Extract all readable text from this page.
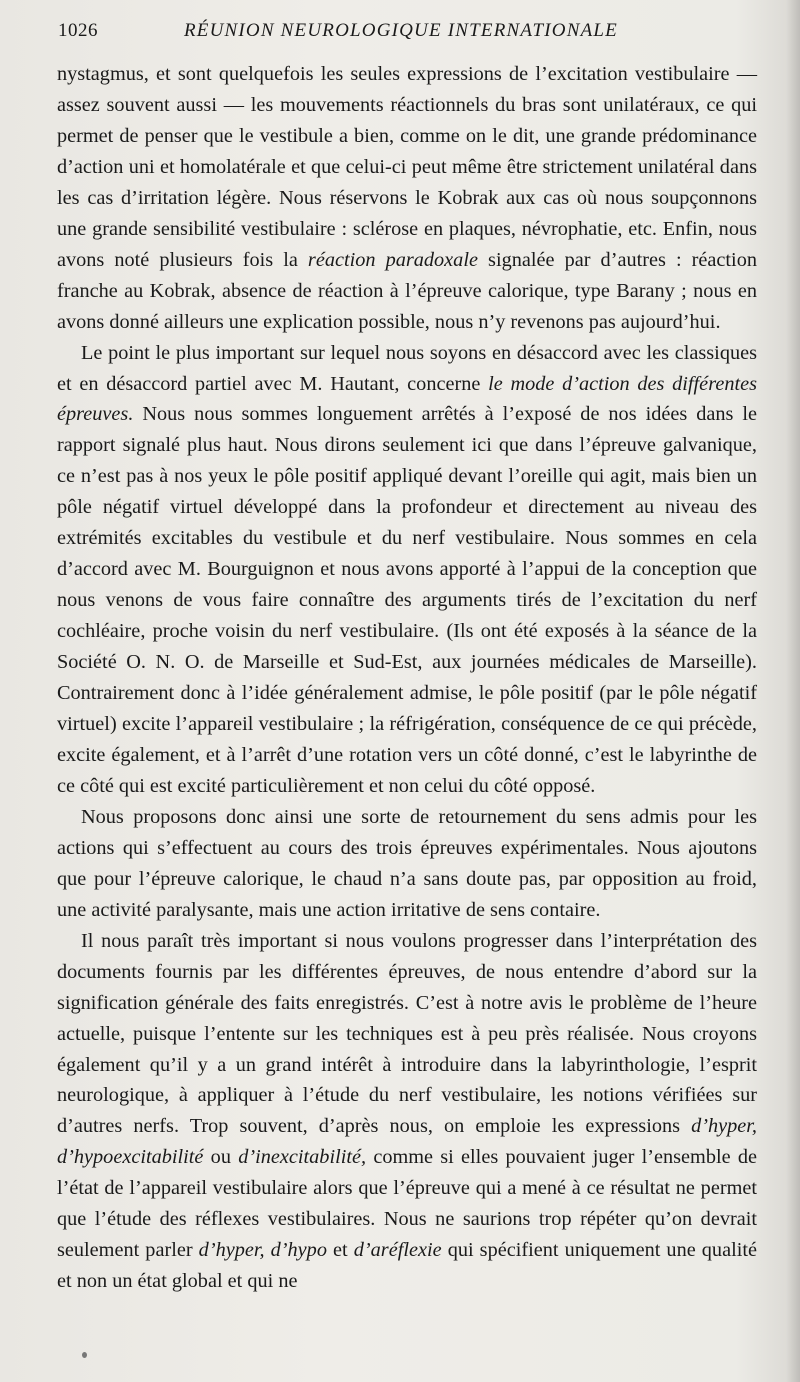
1026	RÉUNION NEUROLOGIQUE INTERNATIONALE

nystagmus, et sont quelquefois les seules expressions de l’excitation vestibulaire — assez souvent aussi — les mouvements réactionnels du bras sont unilatéraux, ce qui permet de penser que le vestibule a bien, comme on le dit, une grande prédominance d’action uni et homolatérale et que celui-ci peut même être strictement unilatéral dans les cas d’irritation légère. Nous réservons le Kobrak aux cas où nous soupçonnons une grande sensibilité vestibulaire : sclérose en plaques, névrophatie, etc. Enfin, nous avons noté plusieurs fois la réaction paradoxale signalée par d’autres : réaction franche au Kobrak, absence de réaction à l’épreuve calorique, type Barany ; nous en avons donné ailleurs une explication possible, nous n’y revenons pas aujourd’hui.

Le point le plus important sur lequel nous soyons en désaccord avec les classiques et en désaccord partiel avec M. Hautant, concerne le mode d’action des différentes épreuves. Nous nous sommes longuement arrêtés à l’exposé de nos idées dans le rapport signalé plus haut. Nous dirons seulement ici que dans l’épreuve galvanique, ce n’est pas à nos yeux le pôle positif appliqué devant l’oreille qui agit, mais bien un pôle négatif virtuel développé dans la profondeur et directement au niveau des extrémités excitables du vestibule et du nerf vestibulaire. Nous sommes en cela d’accord avec M. Bourguignon et nous avons apporté à l’appui de la conception que nous venons de vous faire connaître des arguments tirés de l’excitation du nerf cochléaire, proche voisin du nerf vestibulaire. (Ils ont été exposés à la séance de la Société O. N. O. de Marseille et Sud-Est, aux journées médicales de Marseille). Contrairement donc à l’idée généralement admise, le pôle positif (par le pôle négatif virtuel) excite l’appareil vestibulaire ; la réfrigération, conséquence de ce qui précède, excite également, et à l’arrêt d’une rotation vers un côté donné, c’est le labyrinthe de ce côté qui est excité particulièrement et non celui du côté opposé.

Nous proposons donc ainsi une sorte de retournement du sens admis pour les actions qui s’effectuent au cours des trois épreuves expérimentales. Nous ajoutons que pour l’épreuve calorique, le chaud n’a sans doute pas, par opposition au froid, une activité paralysante, mais une action irritative de sens contaire.

Il nous paraît très important si nous voulons progresser dans l’interprétation des documents fournis par les différentes épreuves, de nous entendre d’abord sur la signification générale des faits enregistrés. C’est à notre avis le problème de l’heure actuelle, puisque l’entente sur les techniques est à peu près réalisée. Nous croyons également qu’il y a un grand intérêt à introduire dans la labyrinthologie, l’esprit neurologique, à appliquer à l’étude du nerf vestibulaire, les notions vérifiées sur d’autres nerfs. Trop souvent, d’après nous, on emploie les expressions d’hyper, d’hypoexcitabilité ou d’inexcitabilité, comme si elles pouvaient juger l’ensemble de l’état de l’appareil vestibulaire alors que l’épreuve qui a mené à ce résultat ne permet que l’étude des réflexes vestibulaires. Nous ne saurions trop répéter qu’on devrait seulement parler d’hyper, d’hypo et d’aréflexie qui spécifient uniquement une qualité et non un état global et qui ne
